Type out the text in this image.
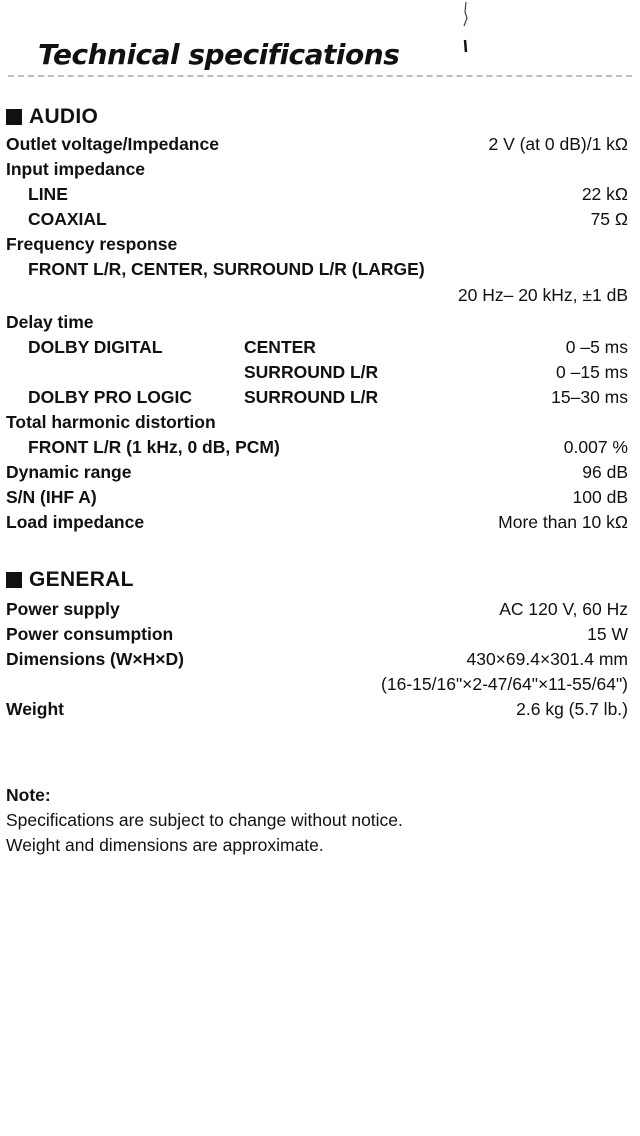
Technical specifications
AUDIO
Outlet voltage/Impedance	2 V (at 0 dB)/1 kΩ
Input impedance
LINE	22 kΩ
COAXIAL	75 Ω
Frequency response
FRONT L/R, CENTER, SURROUND L/R (LARGE)
20 Hz– 20 kHz, ±1 dB
Delay time
DOLBY DIGITAL	CENTER	0 –5 ms
SURROUND L/R	0 –15 ms
DOLBY PRO LOGIC	SURROUND L/R	15–30 ms
Total harmonic distortion
FRONT L/R (1 kHz, 0 dB, PCM)	0.007 %
Dynamic range	96 dB
S/N (IHF A)	100 dB
Load impedance	More than 10 kΩ
GENERAL
Power supply	AC 120 V, 60 Hz
Power consumption	15 W
Dimensions (W×H×D)	430×69.4×301.4 mm
(16-15/16"×2-47/64"×11-55/64")
Weight	2.6 kg (5.7 lb.)
Note:
Specifications are subject to change without notice.
Weight and dimensions are approximate.
